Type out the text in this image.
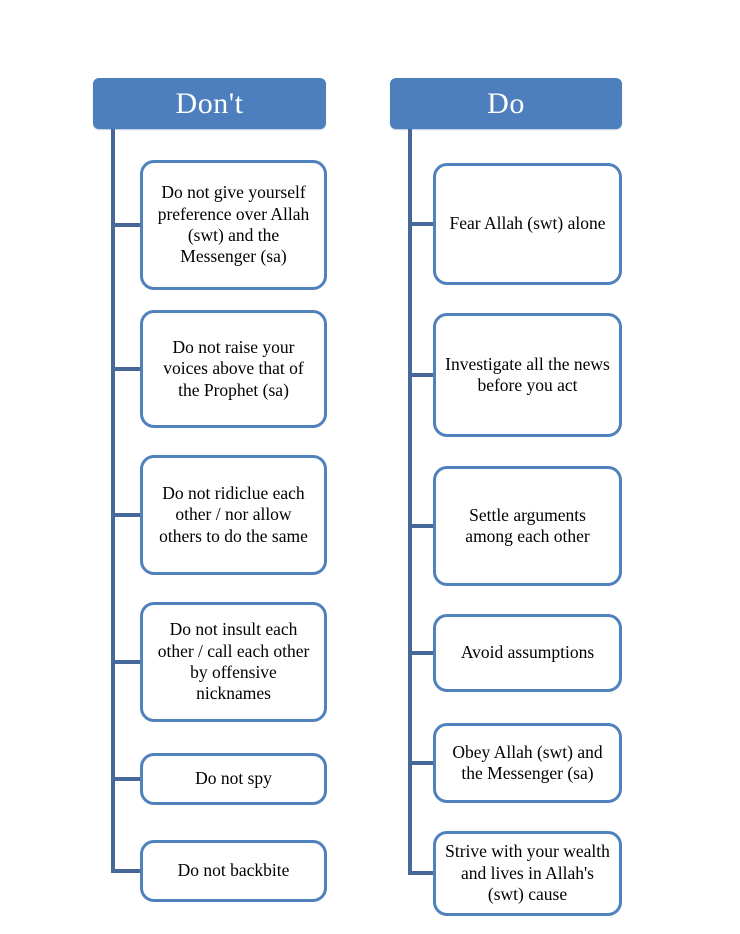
Don't
Do not give yourself preference over Allah (swt) and the Messenger (sa)
Do not raise your voices above that of the Prophet (sa)
Do not ridiclue each other / nor allow others to do the same
Do not insult each other / call each other by offensive nicknames
Do not spy
Do not backbite
Do
Fear Allah (swt) alone
Investigate all the news before you act
Settle arguments among each other
Avoid assumptions
Obey Allah (swt) and the Messenger (sa)
Strive with your wealth and lives in Allah's (swt) cause
